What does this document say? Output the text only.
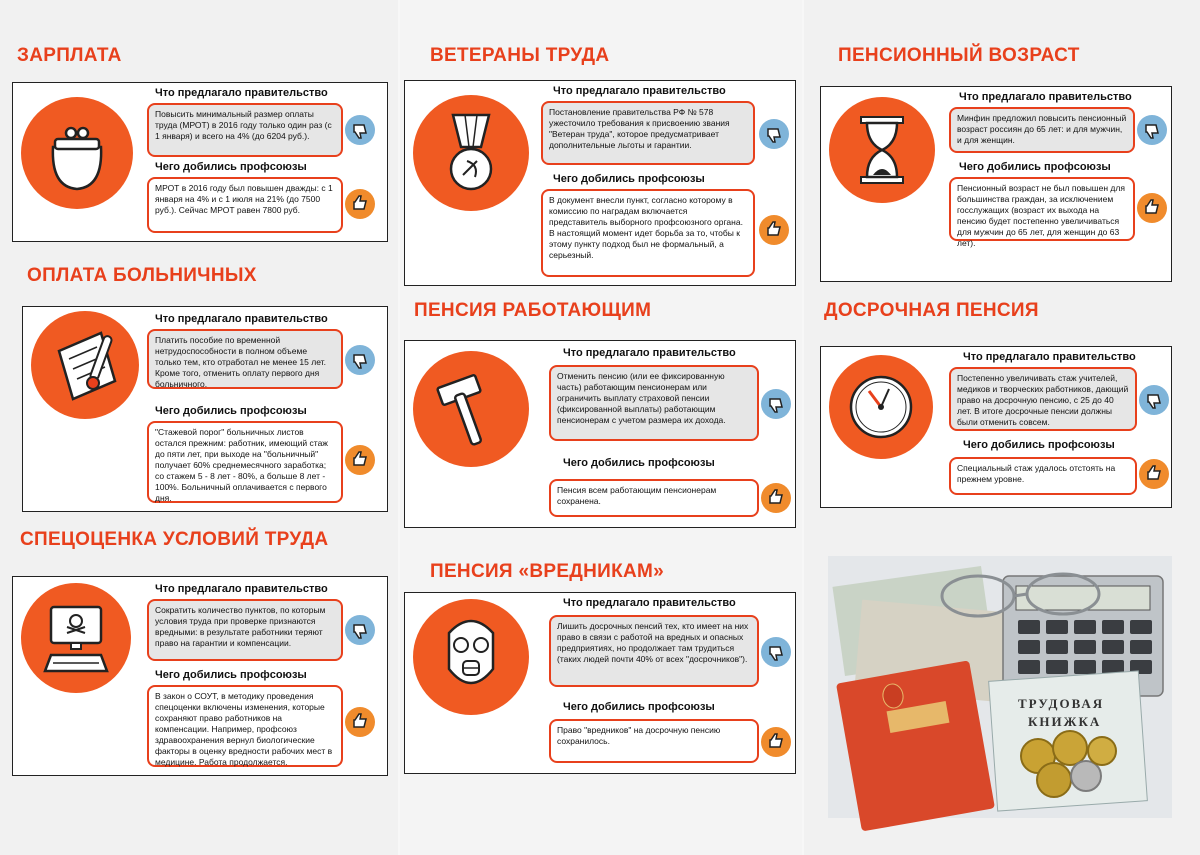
ЗАРПЛАТА
Что предлагало правительство
Повысить минимальный размер оплаты труда (МРОТ) в 2016 году только один раз (с 1 января) и всего на 4% (до 6204 руб.).
Чего добились профсоюзы
МРОТ в 2016 году был повышен дважды: с 1 января на 4% и с 1 июля на 21% (до 7500 руб.). Сейчас МРОТ равен 7800 руб.
ОПЛАТА БОЛЬНИЧНЫХ
Что предлагало правительство
Платить пособие по временной нетрудоспособности в полном объеме только тем, кто отработал не менее 15 лет. Кроме того, отменить оплату первого дня больничного.
Чего добились профсоюзы
"Стажевой порог" больничных листов остался прежним: работник, имеющий стаж до пяти лет, при выходе на "больничный" получает 60% среднемесячного заработка; со стажем 5 - 8 лет - 80%, а больше 8 лет - 100%. Больничный оплачивается с первого дня.
СПЕЦОЦЕНКА УСЛОВИЙ ТРУДА
Что предлагало правительство
Сократить количество пунктов, по которым условия труда при проверке признаются вредными: в результате работники теряют право на гарантии и компенсации.
Чего добились профсоюзы
В закон о СОУТ, в методику проведения спецоценки включены изменения, которые сохраняют право работников на компенсации. Например, профсоюз здравоохранения вернул биологические факторы в оценку вредности рабочих мест в медицине. Работа продолжается.
ВЕТЕРАНЫ ТРУДА
Что предлагало правительство
Постановление правительства РФ № 578 ужесточило требования к присвоению звания "Ветеран труда", которое предусматривает дополнительные льготы и гарантии.
Чего добились профсоюзы
В документ внесли пункт, согласно которому в комиссию по наградам включается представитель выборного профсоюзного органа. В настоящий момент идет борьба за то, чтобы к этому пункту подход был не формальный, а серьезный.
ПЕНСИЯ РАБОТАЮЩИМ
Что предлагало правительство
Отменить пенсию (или ее фиксированную часть) работающим пенсионерам или ограничить выплату страховой пенсии (фиксированной выплаты) работающим пенсионерам с учетом размера их дохода.
Чего добились профсоюзы
Пенсия всем работающим пенсионерам сохранена.
ПЕНСИЯ «ВРЕДНИКАМ»
Что предлагало правительство
Лишить досрочных пенсий тех, кто имеет на них право в связи с работой на вредных и опасных предприятиях, но продолжает там трудиться (таких людей почти 40% от всех "досрочников").
Чего добились профсоюзы
Право "вредников" на досрочную пенсию сохранилось.
ПЕНСИОННЫЙ ВОЗРАСТ
Что предлагало правительство
Минфин предложил повысить пенсионный возраст россиян до 65 лет: и для мужчин, и для женщин.
Чего добились профсоюзы
Пенсионный возраст не был повышен для большинства граждан, за исключением госслужащих (возраст их выхода на пенсию будет постепенно увеличиваться для мужчин до 65 лет, для женщин до 63 лет).
ДОСРОЧНАЯ ПЕНСИЯ
Что предлагало правительство
Постепенно увеличивать стаж учителей, медиков и творческих работников, дающий право на досрочную пенсию, с 25 до 40 лет. В итоге досрочные пенсии должны были отменить совсем.
Чего добились профсоюзы
Специальный стаж удалось отстоять на прежнем уровне.
ТРУДОВАЯ
КНИЖКА
